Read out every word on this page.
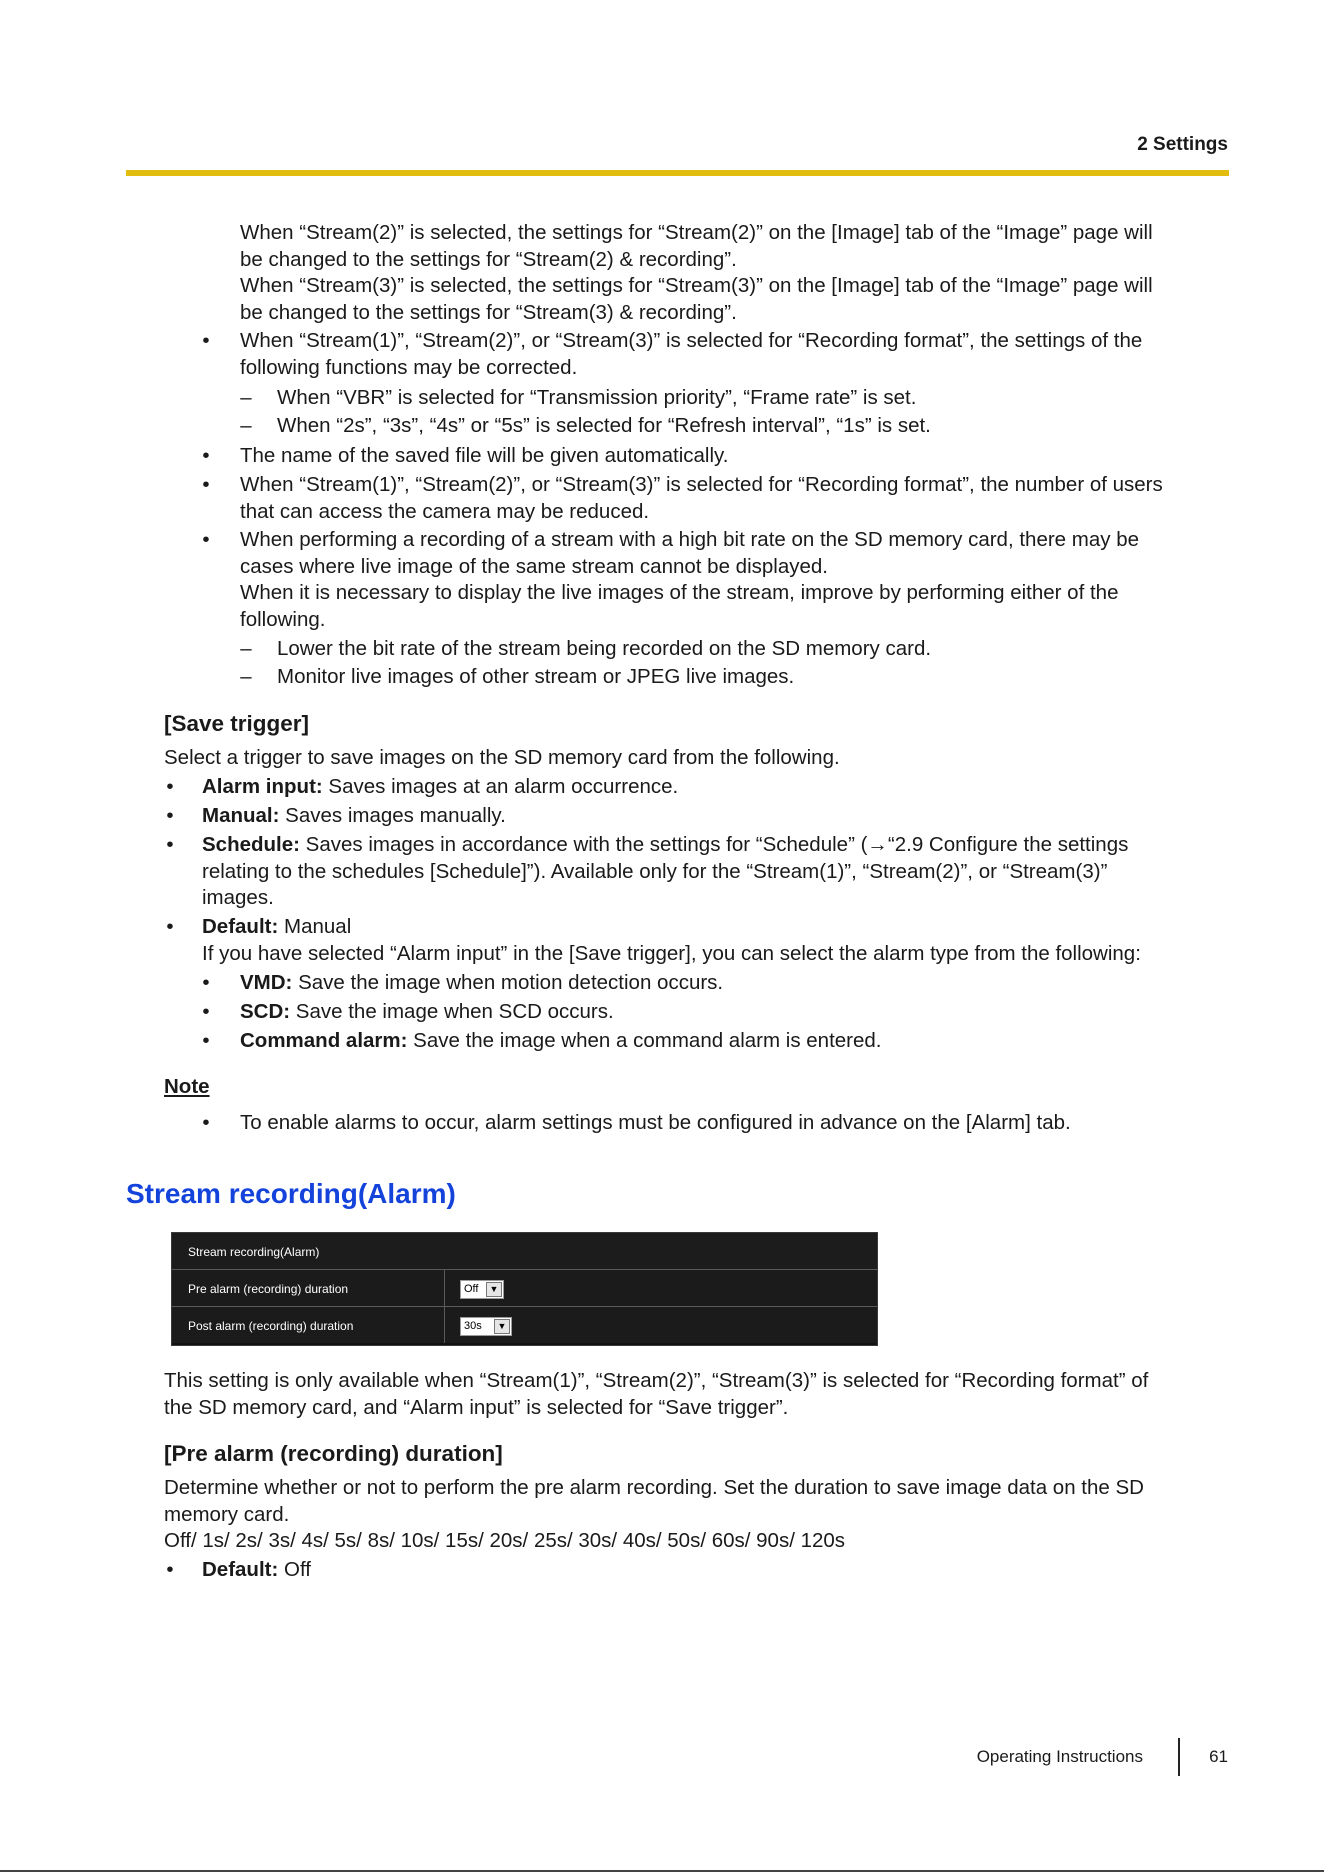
2 Settings

When “Stream(2)” is selected, the settings for “Stream(2)” on the [Image] tab of the “Image” page will

be changed to the settings for “Stream(2) & recording”.

When “Stream(3)” is selected, the settings for “Stream(3)” on the [Image] tab of the “Image” page will

be changed to the settings for “Stream(3) & recording”.

•	When “Stream(1)”, “Stream(2)”, or “Stream(3)” is selected for “Recording format”, the settings of the

following functions may be corrected.

– When “VBR” is selected for “Transmission priority”, “Frame rate” is set.

– When “2s”, “3s”, “4s” or “5s” is selected for “Refresh interval”, “1s” is set.

•	The name of the saved file will be given automatically.

•	When “Stream(1)”, “Stream(2)”, or “Stream(3)” is selected for “Recording format”, the number of users

that can access the camera may be reduced.

•	When performing a recording of a stream with a high bit rate on the SD memory card, there may be

cases where live image of the same stream cannot be displayed.

When it is necessary to display the live images of the stream, improve by performing either of the

following.

– Lower the bit rate of the stream being recorded on the SD memory card.

– Monitor live images of other stream or JPEG live images.

[Save trigger]

Select a trigger to save images on the SD memory card from the following.

•	Alarm input: Saves images at an alarm occurrence.

•	Manual: Saves images manually.

•	Schedule: Saves images in accordance with the settings for “Schedule” (→“2.9 Configure the settings

relating to the schedules [Schedule]”). Available only for the “Stream(1)”, “Stream(2)”, or “Stream(3)”

images.

•	Default: Manual

If you have selected “Alarm input” in the [Save trigger], you can select the alarm type from the following:

•	VMD: Save the image when motion detection occurs.

•	SCD: Save the image when SCD occurs.

•	Command alarm: Save the image when a command alarm is entered.

Note
•	To enable alarms to occur, alarm settings must be configured in advance on the [Alarm] tab.

Stream recording(Alarm)
Stream recording(Alarm)
Pre alarm (recording) duration	Off	▼
Post alarm (recording) duration	30s	▼

This setting is only available when “Stream(1)”, “Stream(2)”, “Stream(3)” is selected for “Recording format” of

the SD memory card, and “Alarm input” is selected for “Save trigger”.

[Pre alarm (recording) duration]

Determine whether or not to perform the pre alarm recording. Set the duration to save image data on the SD

memory card.

Off/ 1s/ 2s/ 3s/ 4s/ 5s/ 8s/ 10s/ 15s/ 20s/ 25s/ 30s/ 40s/ 50s/ 60s/ 90s/ 120s

•	Default: Off

Operating Instructions	61
